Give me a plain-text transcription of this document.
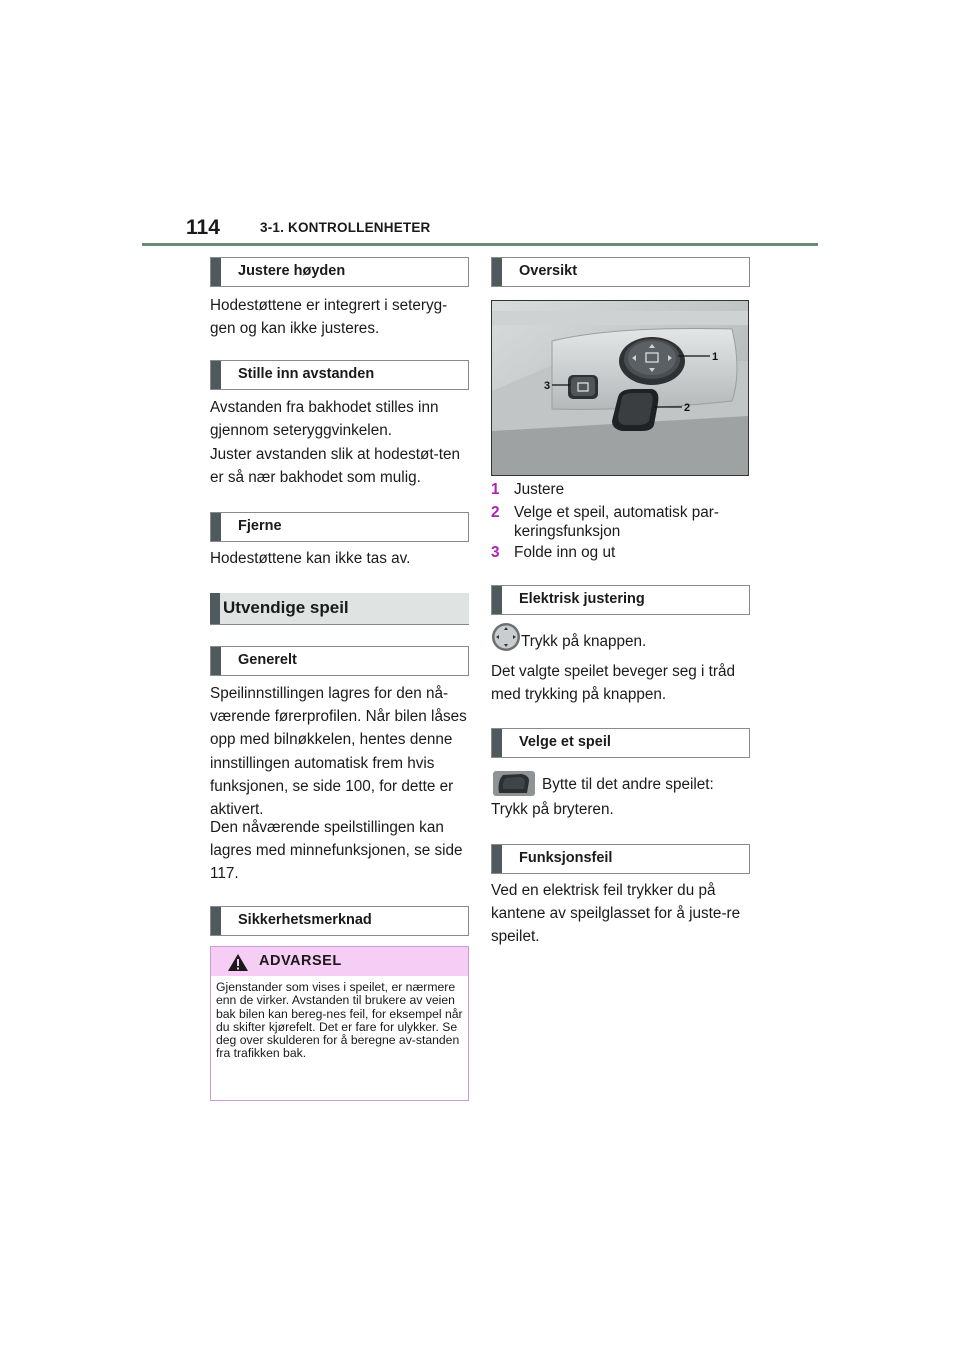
114	3-1. KONTROLLENHETER
Justere høyden
Hodestøttene er integrert i seteryg-gen og kan ikke justeres.
Stille inn avstanden
Avstanden fra bakhodet stilles inn gjennom seteryggvinkelen.
Juster avstanden slik at hodestøt-ten er så nær bakhodet som mulig.
Fjerne
Hodestøttene kan ikke tas av.
Utvendige speil
Generelt
Speilinnstillingen lagres for den nå-værende førerprofilen. Når bilen låses opp med bilnøkkelen, hentes denne innstillingen automatisk frem hvis funksjonen, se side 100, for dette er aktivert.
Den nåværende speilstillingen kan lagres med minnefunksjonen, se side 117.
Sikkerhetsmerknad
ADVARSEL
Gjenstander som vises i speilet, er nærmere enn de virker. Avstanden til brukere av veien bak bilen kan bereg-nes feil, for eksempel når du skifter kjørefelt. Det er fare for ulykker. Se deg over skulderen for å beregne av-standen fra trafikken bak.
Oversikt
1
2
3
1 Justere
2 Velge et speil, automatisk par-keringsfunksjon
3 Folde inn og ut
Elektrisk justering
Trykk på knappen.
Det valgte speilet beveger seg i tråd med trykking på knappen.
Velge et speil
Bytte til det andre speilet:
Trykk på bryteren.
Funksjonsfeil
Ved en elektrisk feil trykker du på kantene av speilglasset for å juste-re speilet.
